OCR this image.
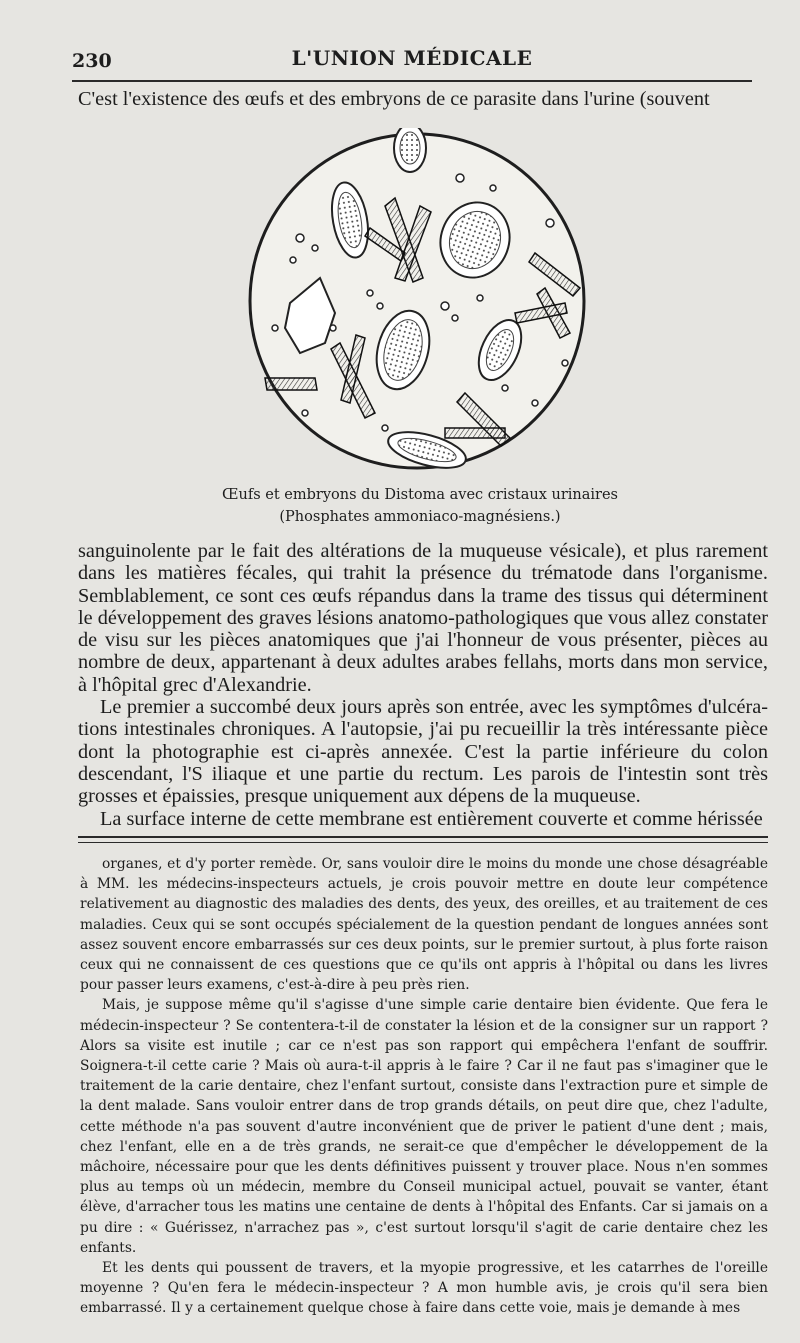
230	L'UNION MÉDICALE

C'est l'existence des œufs et des embryons de ce parasite dans l'urine (souvent

Œufs et embryons du Distoma avec cristaux urinaires
(Phosphates ammoniaco-magnésiens.)

sanguinolente par le fait des altérations de la muqueuse vésicale), et plus rarement dans les matières fécales, qui trahit la présence du trématode dans l'organisme. Semblablement, ce sont ces œufs répandus dans la trame des tissus qui déterminent le développement des graves lésions anatomo-pathologiques que vous allez constater de visu sur les pièces anatomiques que j'ai l'honneur de vous présenter, pièces au nombre de deux, appartenant à deux adultes arabes fellahs, morts dans mon service, à l'hôpital grec d'Alexandrie.

Le premier a succombé deux jours après son entrée, avec les symptômes d'ulcérations intestinales chroniques. A l'autopsie, j'ai pu recueillir la très intéressante pièce dont la photographie est ci-après annexée. C'est la partie inférieure du colon descendant, l'S iliaque et une partie du rectum. Les parois de l'intestin sont très grosses et épaissies, presque uniquement aux dépens de la muqueuse.

La surface interne de cette membrane est entièrement couverte et comme hérissée

organes, et d'y porter remède. Or, sans vouloir dire le moins du monde une chose désagréable à MM. les médecins-inspecteurs actuels, je crois pouvoir mettre en doute leur compétence relativement au diagnostic des maladies des dents, des yeux, des oreilles, et au traitement de ces maladies. Ceux qui se sont occupés spécialement de la question pendant de longues années sont assez souvent encore embarrassés sur ces deux points, sur le premier surtout, à plus forte raison ceux qui ne connaissent de ces questions que ce qu'ils ont appris à l'hôpital ou dans les livres pour passer leurs examens, c'est-à-dire à peu près rien.

Mais, je suppose même qu'il s'agisse d'une simple carie dentaire bien évidente. Que fera le médecin-inspecteur ? Se contentera-t-il de constater la lésion et de la consigner sur un rapport ? Alors sa visite est inutile ; car ce n'est pas son rapport qui empêchera l'enfant de souffrir. Soignera-t-il cette carie ? Mais où aura-t-il appris à le faire ? Car il ne faut pas s'imaginer que le traitement de la carie dentaire, chez l'enfant surtout, consiste dans l'extraction pure et simple de la dent malade. Sans vouloir entrer dans de trop grands détails, on peut dire que, chez l'adulte, cette méthode n'a pas souvent d'autre inconvénient que de priver le patient d'une dent ; mais, chez l'enfant, elle en a de très grands, ne serait-ce que d'empêcher le développement de la mâchoire, nécessaire pour que les dents définitives puissent y trouver place. Nous n'en sommes plus au temps où un médecin, membre du Conseil municipal actuel, pouvait se vanter, étant élève, d'arracher tous les matins une centaine de dents à l'hôpital des Enfants. Car si jamais on a pu dire : « Guérissez, n'arrachez pas », c'est surtout lorsqu'il s'agit de carie dentaire chez les enfants.

Et les dents qui poussent de travers, et la myopie progressive, et les catarrhes de l'oreille moyenne ? Qu'en fera le médecin-inspecteur ? A mon humble avis, je crois qu'il sera bien embarrassé. Il y a certainement quelque chose à faire dans cette voie, mais je demande à mes
